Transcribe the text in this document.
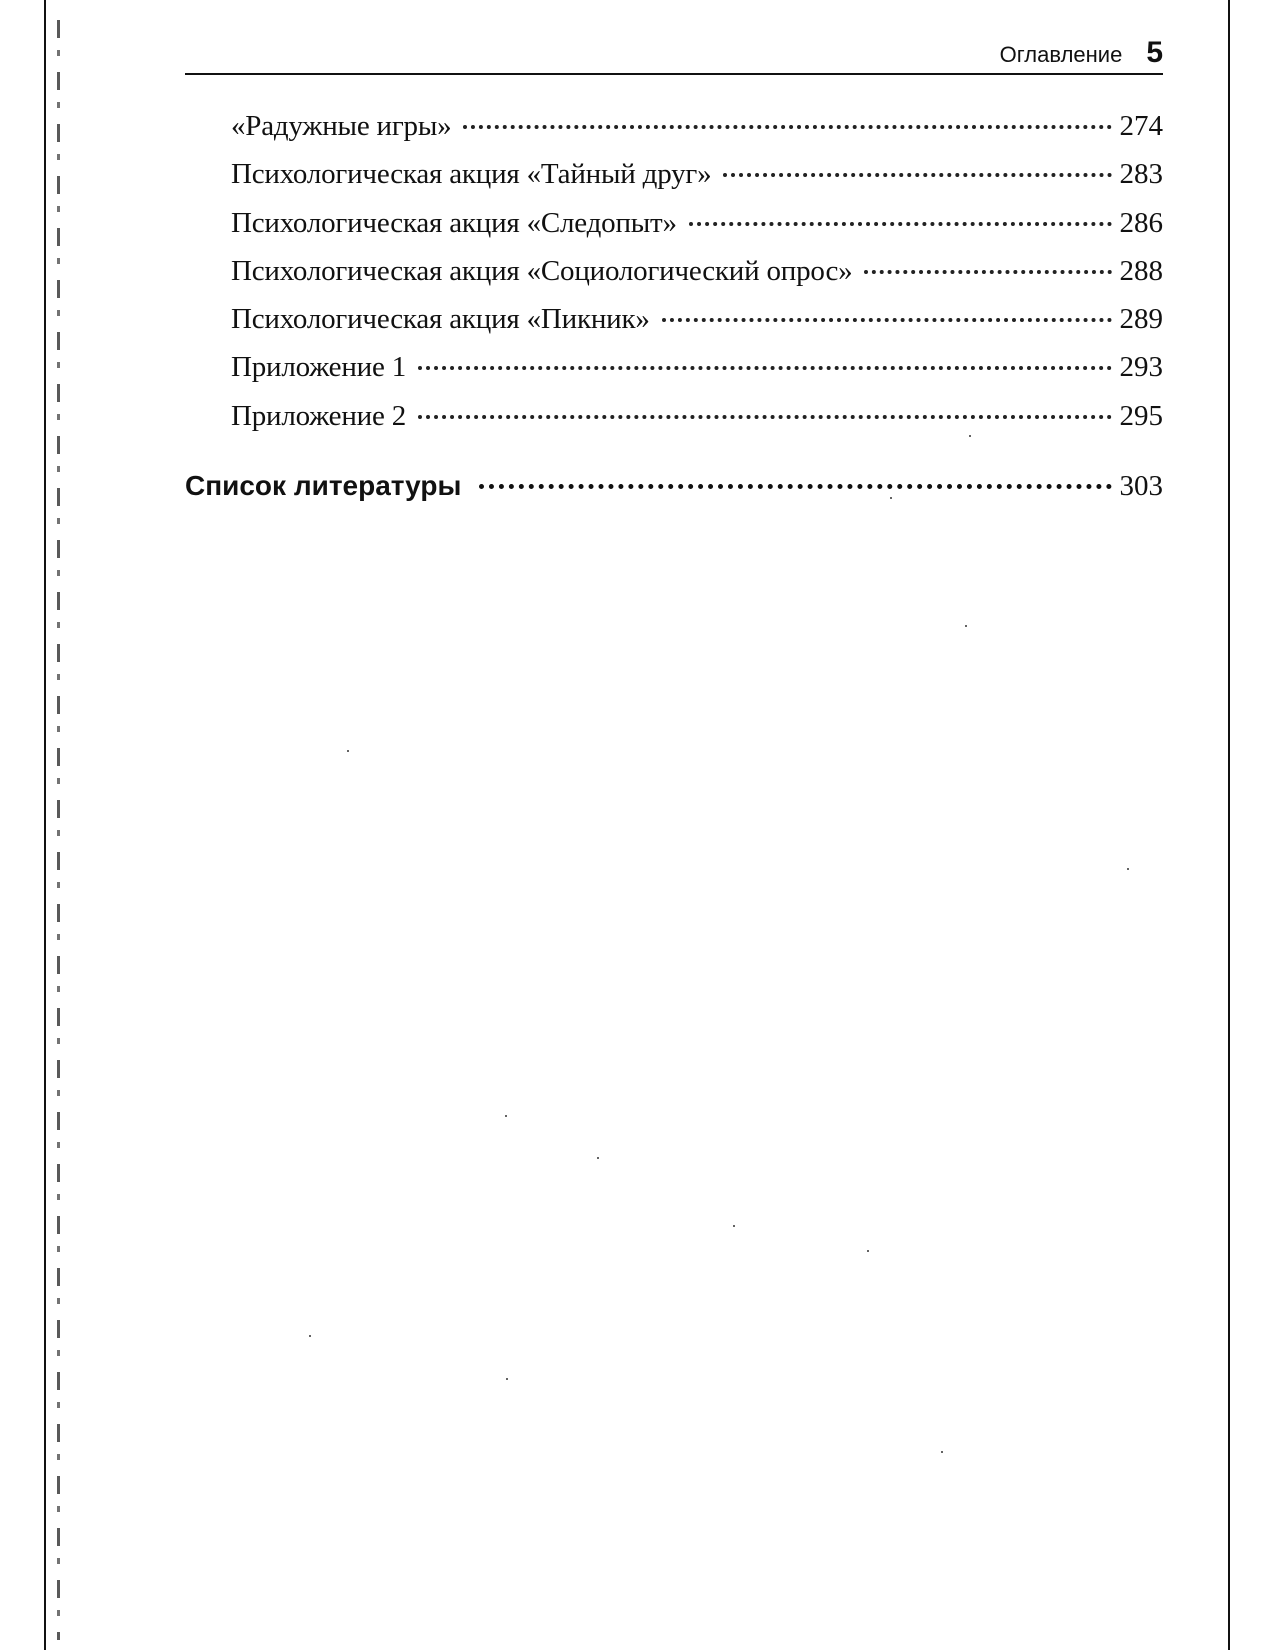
Оглавление 5
«Радужные игры»	274
Психологическая акция «Тайный друг»	283
Психологическая акция «Следопыт»	286
Психологическая акция «Социологический опрос»	288
Психологическая акция «Пикник»	289
Приложение 1	293
Приложение 2	295
Список литературы	303
